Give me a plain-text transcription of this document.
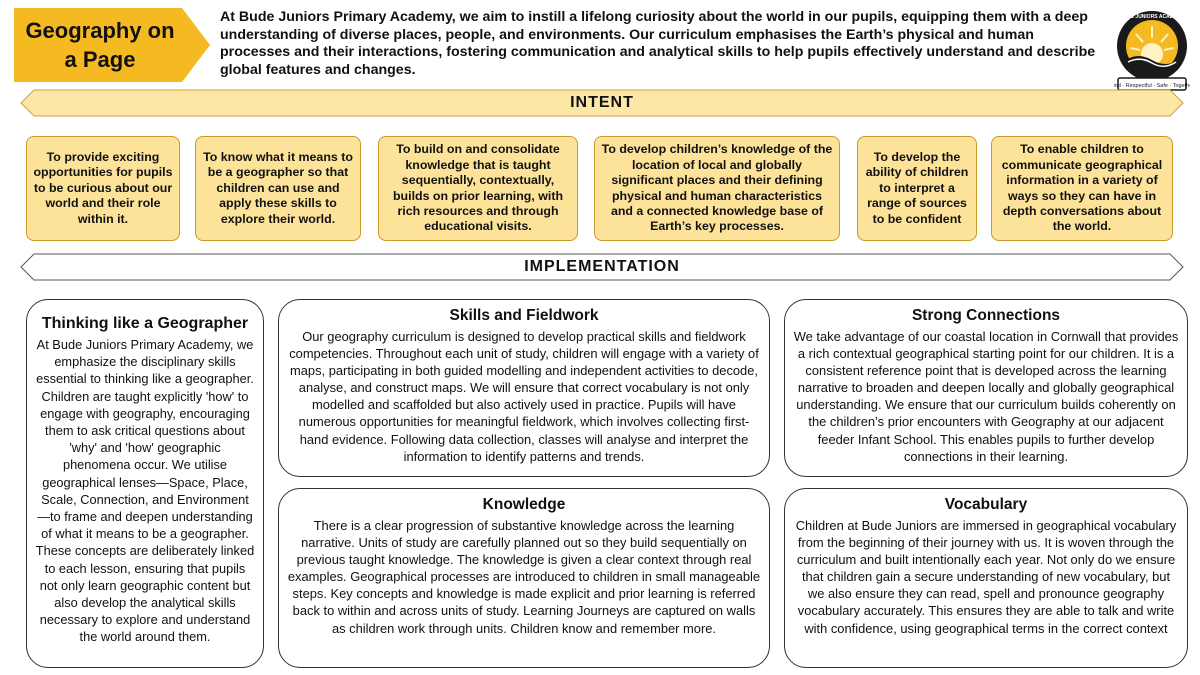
Geography on
a Page
At Bude Juniors Primary Academy, we aim to instill a lifelong curiosity about the world in our pupils, equipping them with a deep understanding of diverse places, people, and environments. Our curriculum emphasises the Earth’s physical and human processes and their interactions, fostering communication and analytical skills to help pupils effectively understand and describe global features and changes.
Kind · Respectful · Safe · Together
BUDE JUNIORS ACADEMY
INTENT
To provide exciting opportunities for pupils to be curious about our world and their role within it.
To know what it means to be a geographer so that children can use and apply these skills to explore their world.
To build on and consolidate knowledge that is taught sequentially, contextually, builds on prior learning, with rich resources and through educational visits.
To develop children’s knowledge of the location of local and globally significant places and their defining physical and human characteristics and a connected knowledge base of Earth’s key processes.
To develop the ability of children to interpret a range of sources to be confident
To enable children to communicate geographical information in a variety of ways so they can have in depth conversations about the world.
IMPLEMENTATION
Thinking like a Geographer
At Bude Juniors Primary Academy, we emphasize the disciplinary skills essential to thinking like a geographer. Children are taught explicitly 'how' to engage with geography, encouraging them to ask critical questions about 'why' and 'how' geographic phenomena occur. We utilise geographical lenses—Space, Place, Scale, Connection, and Environment—to frame and deepen understanding of what it means to be a geographer. These concepts are deliberately linked to each lesson, ensuring that pupils not only learn geographic content but also develop the analytical skills necessary to explore and understand the world around them.
Skills and Fieldwork
Our geography curriculum is designed to develop practical skills and fieldwork competencies. Throughout each unit of study, children will engage with a variety of maps, participating in both guided modelling and independent activities to decode, analyse, and construct maps. We will ensure that correct vocabulary is not only modelled and scaffolded but also actively used in practice. Pupils will have numerous opportunities for meaningful fieldwork, which involves collecting first-hand evidence. Following data collection, classes will analyse and interpret the information to identify patterns and trends.
Strong Connections
We take advantage of our coastal location in Cornwall that provides a rich contextual geographical starting point for our children. It is a consistent reference point that is developed across the learning narrative to broaden and deepen locally and globally geographical understanding. We ensure that our curriculum builds coherently on the children’s prior encounters with Geography at our adjacent feeder Infant School. This enables pupils to further develop connections in their learning.
Knowledge
There is a clear progression of substantive knowledge across the learning narrative. Units of study are carefully planned out so they build sequentially on previous taught knowledge. The knowledge is given a clear context through real examples. Geographical processes are introduced to children in small manageable steps. Key concepts and knowledge is made explicit and prior learning is referred back to within and across units of study. Learning Journeys are captured on walls as children work through units. Children know and remember more.
Vocabulary
Children at Bude Juniors are immersed in geographical vocabulary from the beginning of their journey with us. It is woven through the curriculum and built intentionally each year. Not only do we ensure that children gain a secure understanding of new vocabulary, but we also ensure they can read, spell and pronounce geography vocabulary accurately. This ensures they are able to talk and write with confidence, using geographical terms in the correct context
